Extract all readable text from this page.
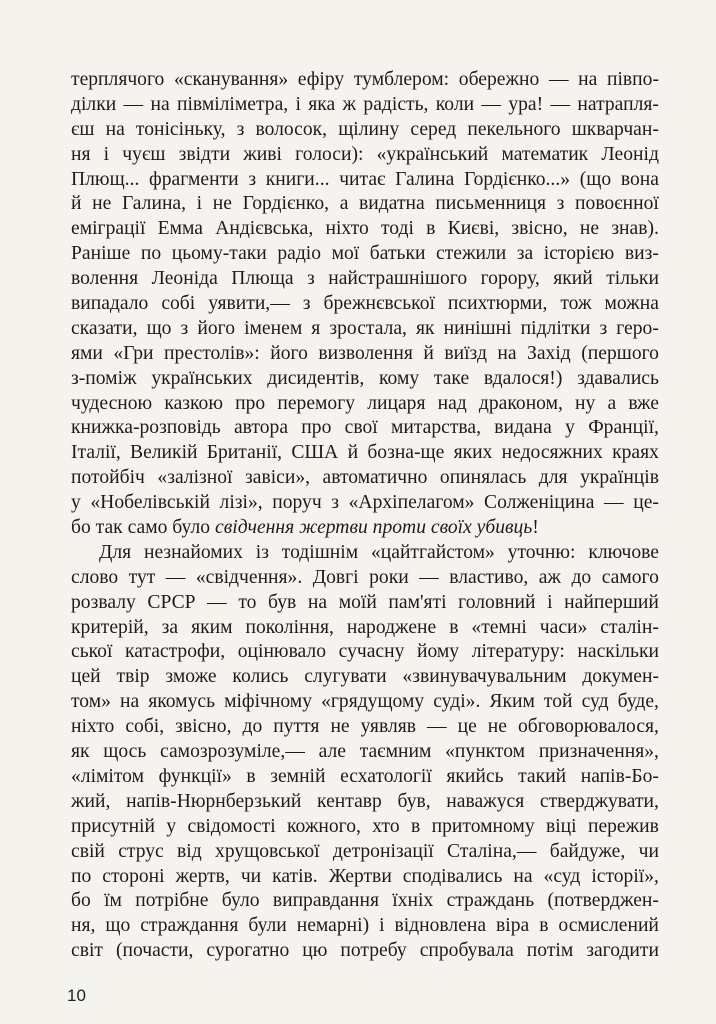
терплячого «сканування» ефіру тумблером: обережно — на півпо-
ділки — на півміліметра, і яка ж радість, коли — ура! — натрапля-
єш на тонісіньку, з волосок, щілину серед пекельного шкварчан-
ня і чуєш звідти живі голоси): «український математик Леонід
Плющ... фрагменти з книги... читає Галина Гордієнко...» (що вона
й не Галина, і не Гордієнко, а видатна письменниця з повоєнної
еміграції Емма Андієвська, ніхто тоді в Києві, звісно, не знав).
Раніше по цьому-таки радіо мої батьки стежили за історією виз-
волення Леоніда Плюща з найстрашнішого горору, який тільки
випадало собі уявити,— з брежнєвської психтюрми, тож можна
сказати, що з його іменем я зростала, як нинішні підлітки з геро-
ями «Гри престолів»: його визволення й виїзд на Захід (першого
з-поміж українських дисидентів, кому таке вдалося!) здавались
чудесною казкою про перемогу лицаря над драконом, ну а вже
книжка-розповідь автора про свої митарства, видана у Франції,
Італії, Великій Британії, США й бозна-ще яких недосяжних краях
потойбіч «залізної завіси», автоматично опинялась для українців
у «Нобелівській лізі», поруч з «Архіпелагом» Солженіцина — це-
бо так само було свідчення жертви проти своїх убивць !
Для незнайомих із тодішнім «цайтгайстом» уточню: ключове
слово тут — «свідчення». Довгі роки — властиво, аж до самого
розвалу СРСР — то був на моїй пам'яті головний і найперший
критерій, за яким покоління, народжене в «темні часи» сталін-
ської катастрофи, оцінювало сучасну йому літературу: наскільки
цей твір зможе колись слугувати «звинувачувальним докумен-
том» на якомусь міфічному «грядущому суді». Яким той суд буде,
ніхто собі, звісно, до пуття не уявляв — це не обговорювалося,
як щось самозрозуміле,— але таємним «пунктом призначення»,
«лімітом функції» в земній есхатології якийсь такий напів-Бо-
жий, напів-Нюрнберзький кентавр був, наважуся стверджувати,
присутній у свідомості кожного, хто в притомному віці пережив
свій струс від хрущовської детронізації Сталіна,— байдуже, чи
по стороні жертв, чи катів. Жертви сподівались на «суд історії»,
бо їм потрібне було виправдання їхніх страждань (потверджен-
ня, що страждання були немарні) і відновлена віра в осмислений
світ (почасти, сурогатно цю потребу спробувала потім загодити
10
